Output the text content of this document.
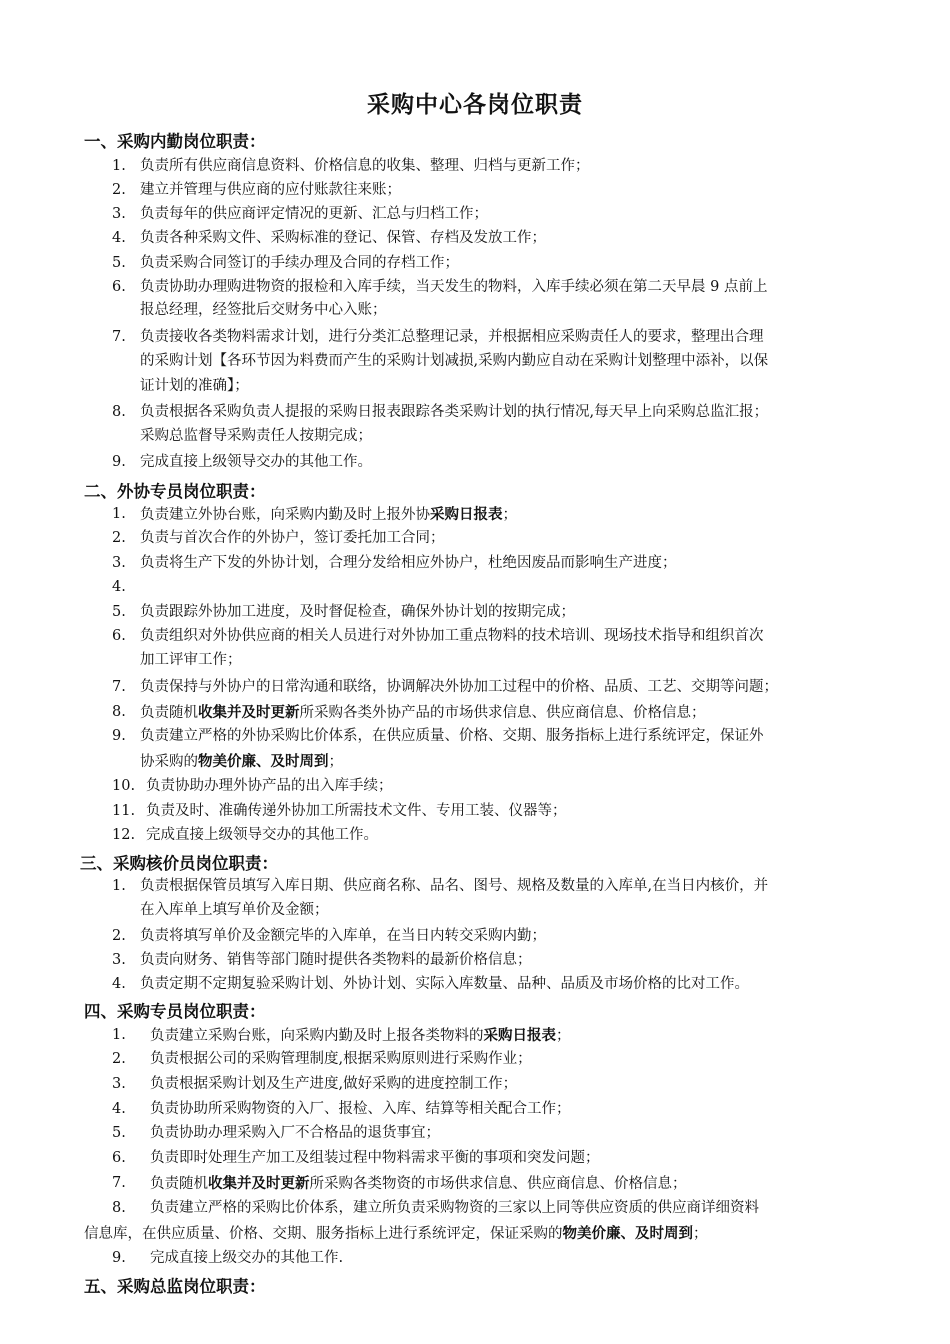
采购中心各岗位职责
一、采购内勤岗位职责：
1. 负责所有供应商信息资料、价格信息的收集、整理、归档与更新工作；
2. 建立并管理与供应商的应付账款往来账；
3. 负责每年的供应商评定情况的更新、汇总与归档工作；
4. 负责各种采购文件、采购标准的登记、保管、存档及发放工作；
5. 负责采购合同签订的手续办理及合同的存档工作；
6. 负责协助办理购进物资的报检和入库手续，当天发生的物料，入库手续必须在第二天早晨 9 点前上
报总经理，经签批后交财务中心入账；
7. 负责接收各类物料需求计划，进行分类汇总整理记录，并根据相应采购责任人的要求，整理出合理
的采购计划【各环节因为料费而产生的采购计划减损,采购内勤应自动在采购计划整理中添补，以保
证计划的准确】；
8. 负责根据各采购负责人提报的采购日报表跟踪各类采购计划的执行情况,每天早上向采购总监汇报；
采购总监督导采购责任人按期完成；
9. 完成直接上级领导交办的其他工作。
二、外协专员岗位职责：
1. 负责建立外协台账，向采购内勤及时上报外协采购日报表；
2. 负责与首次合作的外协户，签订委托加工合同；
3. 负责将生产下发的外协计划，合理分发给相应外协户，杜绝因废品而影响生产进度；
4.
5. 负责跟踪外协加工进度，及时督促检查，确保外协计划的按期完成；
6. 负责组织对外协供应商的相关人员进行对外协加工重点物料的技术培训、现场技术指导和组织首次
加工评审工作；
7. 负责保持与外协户的日常沟通和联络，协调解决外协加工过程中的价格、品质、工艺、交期等问题；
8. 负责随机收集并及时更新所采购各类外协产品的市场供求信息、供应商信息、价格信息；
9. 负责建立严格的外协采购比价体系，在供应质量、价格、交期、服务指标上进行系统评定，保证外
协采购的物美价廉、及时周到；
10. 负责协助办理外协产品的出入库手续；
11. 负责及时、准确传递外协加工所需技术文件、专用工装、仪器等；
12. 完成直接上级领导交办的其他工作。
三、采购核价员岗位职责：
1. 负责根据保管员填写入库日期、供应商名称、品名、图号、规格及数量的入库单,在当日内核价，并
在入库单上填写单价及金额；
2. 负责将填写单价及金额完毕的入库单，在当日内转交采购内勤；
3. 负责向财务、销售等部门随时提供各类物料的最新价格信息；
4. 负责定期不定期复验采购计划、外协计划、实际入库数量、品种、品质及市场价格的比对工作。
四、采购专员岗位职责：
1. 负责建立采购台账，向采购内勤及时上报各类物料的采购日报表；
2. 负责根据公司的采购管理制度,根据采购原则进行采购作业；
3. 负责根据采购计划及生产进度,做好采购的进度控制工作；
4. 负责协助所采购物资的入厂、报检、入库、结算等相关配合工作；
5. 负责协助办理采购入厂不合格品的退货事宜；
6. 负责即时处理生产加工及组装过程中物料需求平衡的事项和突发问题；
7. 负责随机收集并及时更新所采购各类物资的市场供求信息、供应商信息、价格信息；
8. 负责建立严格的采购比价体系，建立所负责采购物资的三家以上同等供应资质的供应商详细资料
信息库，在供应质量、价格、交期、服务指标上进行系统评定，保证采购的物美价廉、及时周到；
9. 完成直接上级交办的其他工作.
五、采购总监岗位职责：
